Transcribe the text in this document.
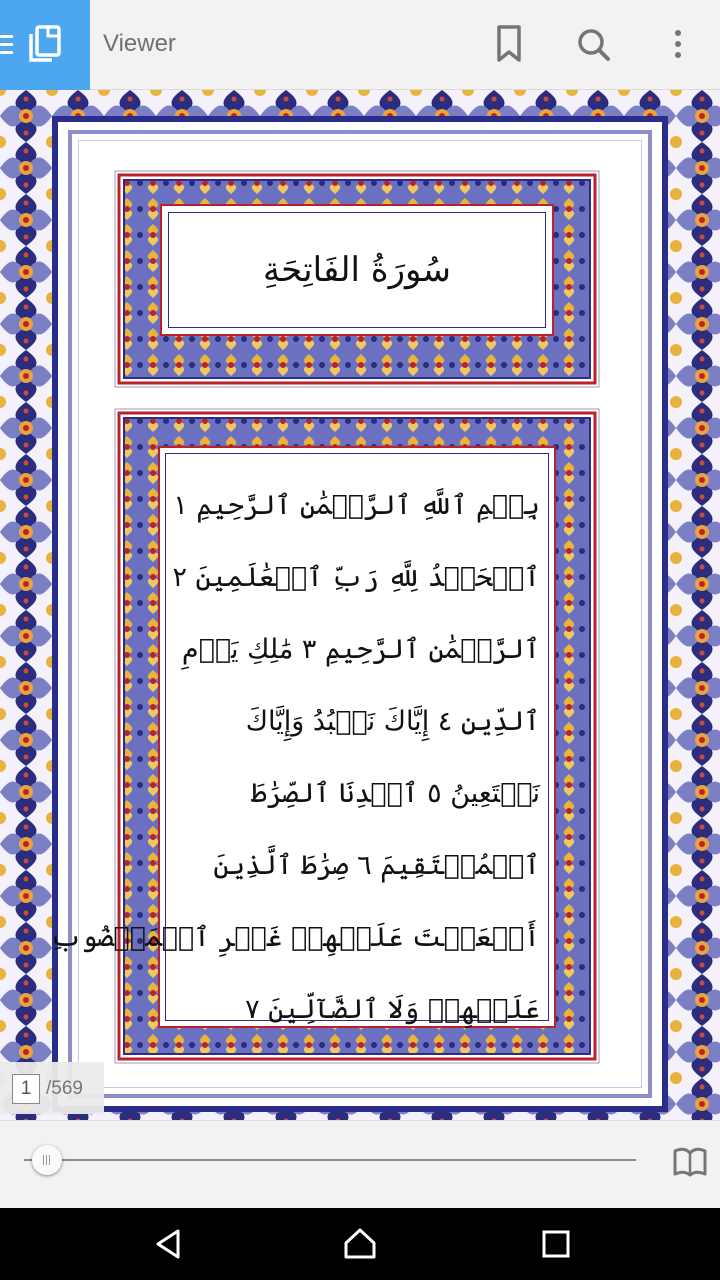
Viewer
سُورَةُ الفَاتِحَةِ
بِسۡمِ ٱللَّهِ ٱلرَّحۡمَٰنِ ٱلرَّحِيمِ ١
ٱلۡحَمۡدُ لِلَّهِ رَبِّ ٱلۡعَٰلَمِينَ ٢
ٱلرَّحۡمَٰنِ ٱلرَّحِيمِ ٣ مَٰلِكِ يَوۡمِ
ٱلدِّينِ ٤ إِيَّاكَ نَعۡبُدُ وَإِيَّاكَ
نَسۡتَعِينُ ٥ ٱهۡدِنَا ٱلصِّرَٰطَ
ٱلۡمُسۡتَقِيمَ ٦ صِرَٰطَ ٱلَّذِينَ
أَنۡعَمۡتَ عَلَيۡهِمۡ غَيۡرِ ٱلۡمَغۡضُوبِ
عَلَيۡهِمۡ وَلَا ٱلضَّآلِّينَ ٧
1 /569
